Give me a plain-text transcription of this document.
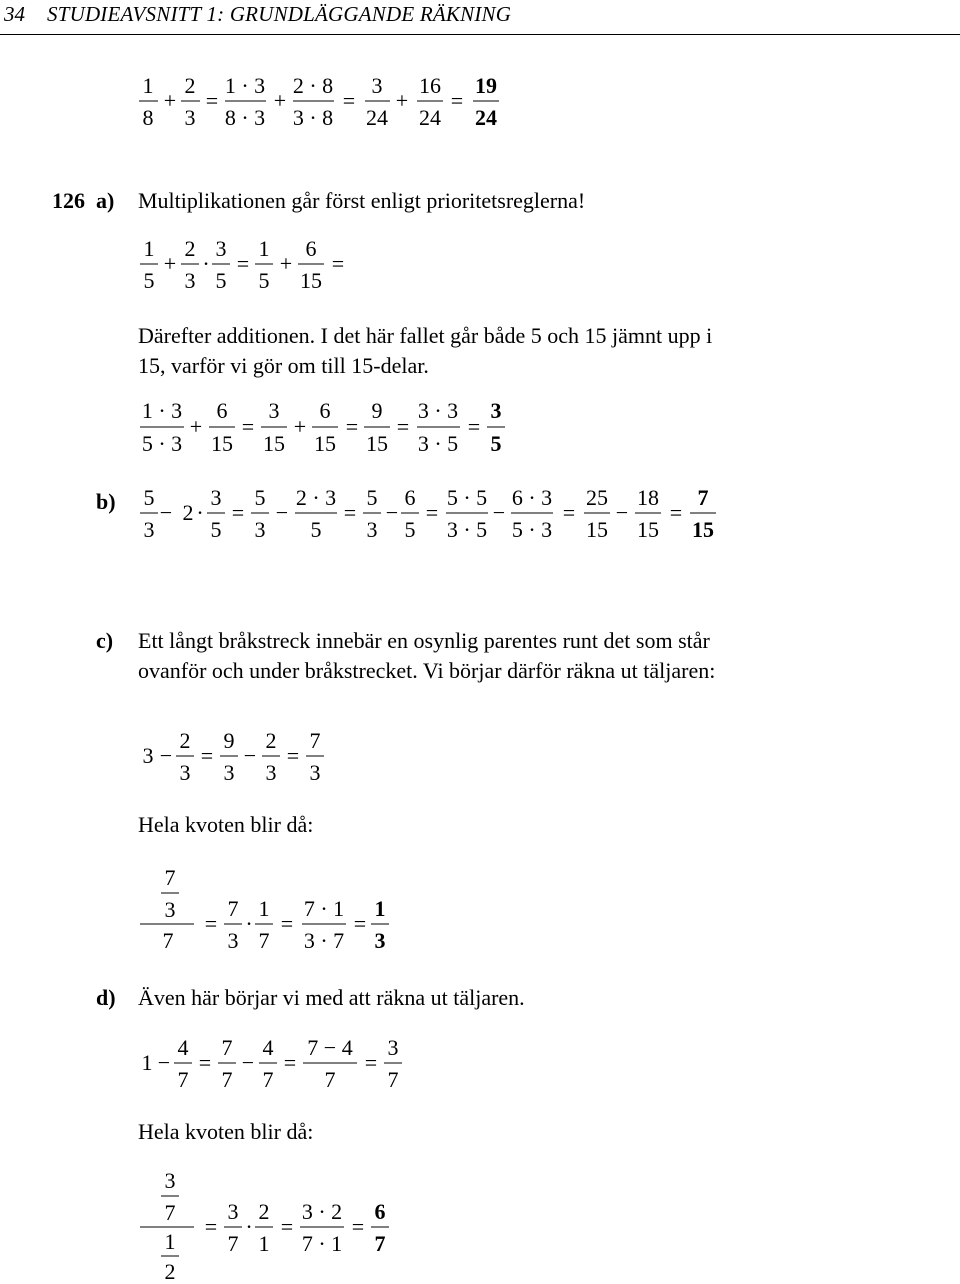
34 STUDIEAVSNITT 1: GRUNDLÄGGANDE RÄKNING
126 a) Multiplikationen går först enligt prioritetsreglerna!
Därefter additionen. I det här fallet går både 5 och 15 jämnt upp i
15, varför vi gör om till 15-delar.
b)
c) Ett långt bråkstreck innebär en osynlig parentes runt det som står
ovanför och under bråkstrecket. Vi börjar därför räkna ut täljaren:
Hela kvoten blir då:
d) Även här börjar vi med att räkna ut täljaren.
Hela kvoten blir då:
1
8
+
2
3
=
1 · 3
8 · 3
+
2 · 8
3 · 8
=
3
24
+
16
24
=
19
24
1
5
+
2
3
·
3
5
=
1
5
+
6
15
=
1 · 3
5 · 3
+
6
15
=
3
15
+
6
15
=
9
15
=
3 · 3
3 · 5
=
3
5
5
3
− 2 ·
3
5
=
5
3
−
2 · 3
5
=
5
3
−
6
5
=
5 · 5
3 · 5
−
6 · 3
5 · 3
=
25
15
−
18
15
=
7
15
3 −
2
3
=
9
3
−
2
3
=
7
3
7
3
7
=
7
3
·
1
7
=
7 · 1
3 · 7
=
1
3
1 −
4
7
=
7
7
−
4
7
=
7 − 4
7
=
3
7
3
7
1
2
=
3
7
·
2
1
=
3 · 2
7 · 1
=
6
7
